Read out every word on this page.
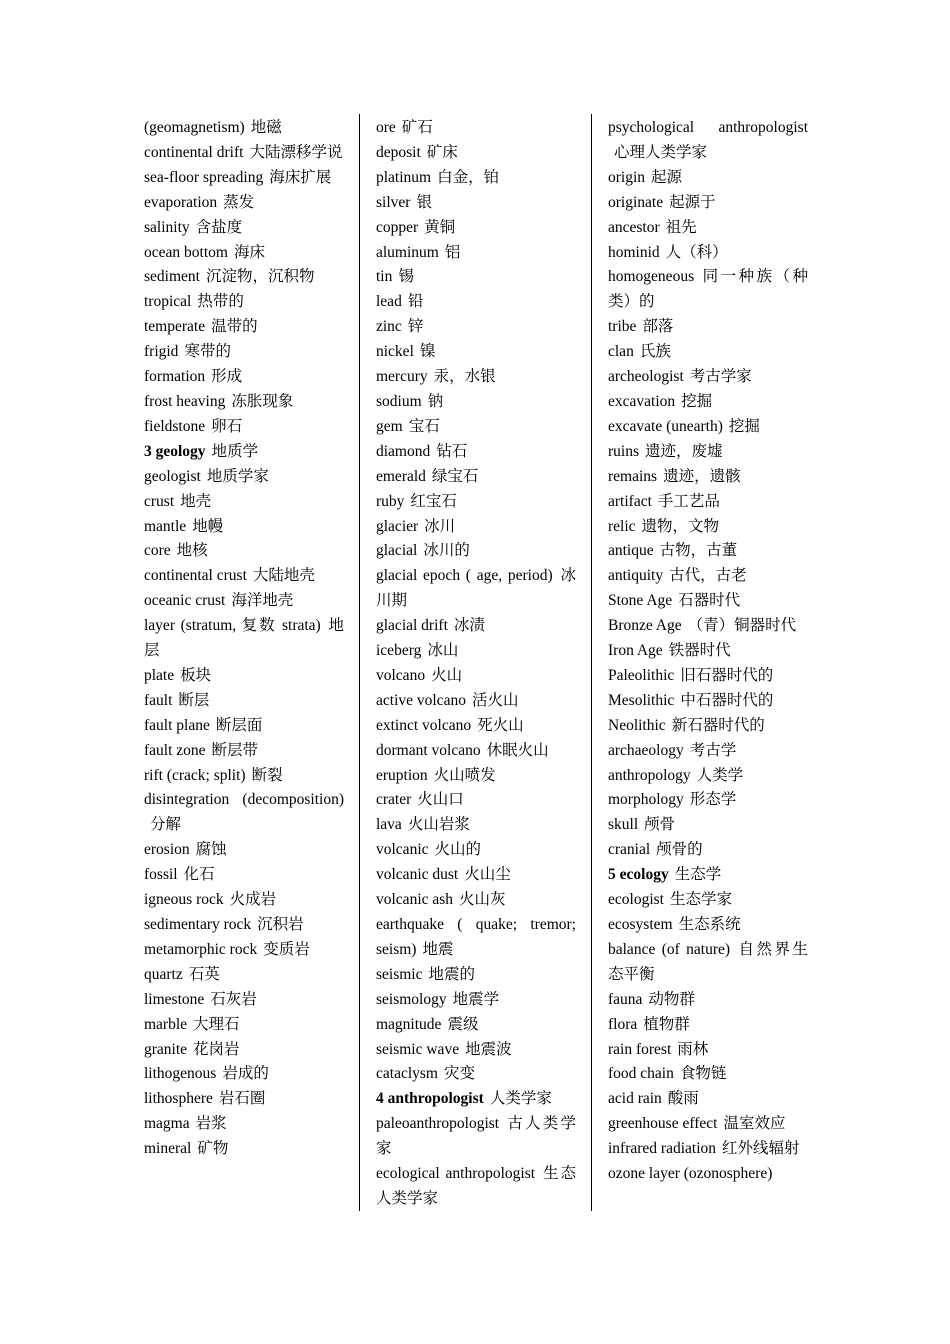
(geomagnetism) 地磁
continental drift 大陆漂移学说
sea-floor spreading 海床扩展
evaporation 蒸发
salinity 含盐度
ocean bottom 海床
sediment 沉淀物，沉积物
tropical 热带的
temperate 温带的
frigid 寒带的
formation 形成
frost heaving 冻胀现象
fieldstone 卵石
3 geology 地质学
geologist 地质学家
crust 地壳
mantle 地幔
core 地核
continental crust 大陆地壳
oceanic crust 海洋地壳
layer (stratum, 复数 strata) 地层
plate 板块
fault 断层
fault plane 断层面
fault zone 断层带
rift (crack; split) 断裂
disintegration (decomposition)分解
erosion 腐蚀
fossil 化石
igneous rock 火成岩
sedimentary rock 沉积岩
metamorphic rock 变质岩
quartz 石英
limestone 石灰岩
marble 大理石
granite 花岗岩
lithogenous 岩成的
lithosphere 岩石圈
magma 岩浆
mineral 矿物
ore 矿石
deposit 矿床
platinum 白金，铂
silver 银
copper 黄铜
aluminum 铝
tin 锡
lead 铅
zinc 锌
nickel 镍
mercury 汞，水银
sodium 钠
gem 宝石
diamond 钻石
emerald 绿宝石
ruby 红宝石
glacier 冰川
glacial 冰川的
glacial epoch ( age, period) 冰川期
glacial drift 冰渍
iceberg 冰山
volcano 火山
active volcano 活火山
extinct volcano 死火山
dormant volcano 休眠火山
eruption 火山喷发
crater 火山口
lava 火山岩浆
volcanic 火山的
volcanic dust 火山尘
volcanic ash 火山灰
earthquake ( quake; tremor; seism) 地震
seismic 地震的
seismology 地震学
magnitude 震级
seismic wave 地震波
cataclysm 灾变
4 anthropologist 人类学家
paleoanthropologist 古人类学家
ecological anthropologist 生态人类学家
psychological anthropologist心理人类学家
origin 起源
originate 起源于
ancestor 祖先
hominid 人（科）
homogeneous 同一种族（种类）的
tribe 部落
clan 氏族
archeologist 考古学家
excavation 挖掘
excavate (unearth) 挖掘
ruins 遗迹，废墟
remains 遗迹，遗骸
artifact 手工艺品
relic 遗物，文物
antique 古物，古董
antiquity 古代，古老
Stone Age 石器时代
Bronze Age （青）铜器时代
Iron Age 铁器时代
Paleolithic 旧石器时代的
Mesolithic 中石器时代的
Neolithic 新石器时代的
archaeology 考古学
anthropology 人类学
morphology 形态学
skull 颅骨
cranial 颅骨的
5 ecology 生态学
ecologist 生态学家
ecosystem 生态系统
balance (of nature) 自然界生态平衡
fauna 动物群
flora 植物群
rain forest 雨林
food chain 食物链
acid rain 酸雨
greenhouse effect 温室效应
infrared radiation 红外线辐射
ozone layer (ozonosphere)
